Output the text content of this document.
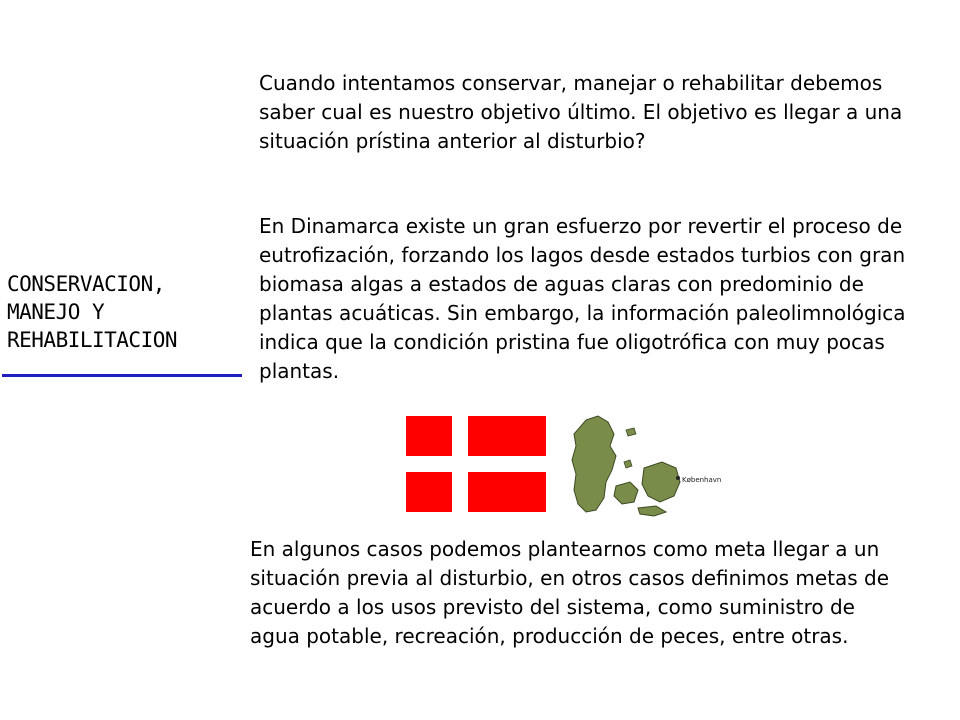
CONSERVACION,
MANEJO Y
REHABILITACION

Cuando intentamos conservar, manejar o rehabilitar debemos saber cual es nuestro objetivo último. El objetivo es llegar a una situación prístina anterior al disturbio?

En Dinamarca existe un gran esfuerzo por revertir el proceso de eutrofización, forzando los lagos desde estados turbios con gran biomasa algas a estados de aguas claras con predominio de plantas acuáticas. Sin embargo, la información paleolimnológica indica que la condición pristina fue oligotrófica con muy pocas plantas.

København

En algunos casos podemos plantearnos como meta llegar a un situación previa al disturbio, en otros casos definimos metas de acuerdo a los usos previsto del sistema, como suministro de agua potable, recreación, producción de peces, entre otras.
